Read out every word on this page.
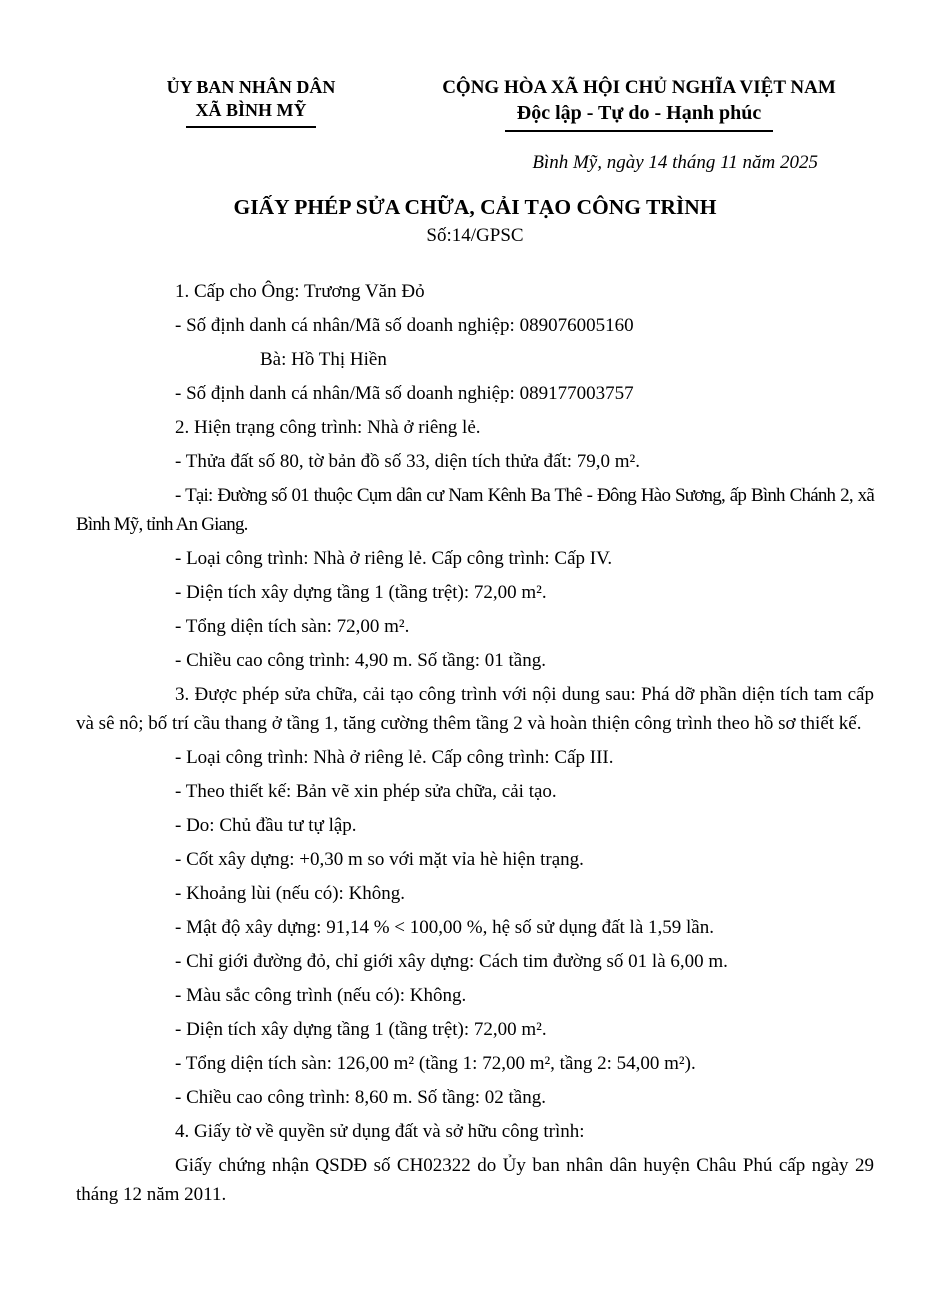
ỦY BAN NHÂN DÂN
XÃ BÌNH MỸ
CỘNG HÒA XÃ HỘI CHỦ NGHĨA VIỆT NAM
Độc lập - Tự do - Hạnh phúc
Bình Mỹ, ngày 14 tháng 11 năm 2025
GIẤY PHÉP SỬA CHỮA, CẢI TẠO CÔNG TRÌNH
Số:14/GPSC

1. Cấp cho Ông: Trương Văn Đỏ

- Số định danh cá nhân/Mã số doanh nghiệp: 089076005160

Bà: Hồ Thị Hiền

- Số định danh cá nhân/Mã số doanh nghiệp: 089177003757

2. Hiện trạng công trình: Nhà ở riêng lẻ.

- Thửa đất số 80, tờ bản đồ số 33, diện tích thửa đất: 79,0 m².

- Tại: Đường số 01 thuộc Cụm dân cư Nam Kênh Ba Thê - Đông Hào Sương, ấp Bình Chánh 2, xã Bình Mỹ, tỉnh An Giang.

- Loại công trình: Nhà ở riêng lẻ. Cấp công trình: Cấp IV.

- Diện tích xây dựng tầng 1 (tầng trệt): 72,00 m².

- Tổng diện tích sàn: 72,00 m².

- Chiều cao công trình: 4,90 m. Số tầng: 01 tầng.

3. Được phép sửa chữa, cải tạo công trình với nội dung sau: Phá dỡ phần diện tích tam cấp và sê nô; bố trí cầu thang ở tầng 1, tăng cường thêm tầng 2 và hoàn thiện công trình theo hồ sơ thiết kế.

- Loại công trình: Nhà ở riêng lẻ. Cấp công trình: Cấp III.

- Theo thiết kế: Bản vẽ xin phép sửa chữa, cải tạo.

- Do: Chủ đầu tư tự lập.

- Cốt xây dựng: +0,30 m so với mặt vỉa hè hiện trạng.

- Khoảng lùi (nếu có): Không.

- Mật độ xây dựng: 91,14 % < 100,00 %, hệ số sử dụng đất là 1,59 lần.

- Chỉ giới đường đỏ, chỉ giới xây dựng: Cách tim đường số 01 là 6,00 m.

- Màu sắc công trình (nếu có): Không.

- Diện tích xây dựng tầng 1 (tầng trệt): 72,00 m².

- Tổng diện tích sàn: 126,00 m² (tầng 1: 72,00 m², tầng 2: 54,00 m²).

- Chiều cao công trình: 8,60 m. Số tầng: 02 tầng.

4. Giấy tờ về quyền sử dụng đất và sở hữu công trình:

Giấy chứng nhận QSDĐ số CH02322 do Ủy ban nhân dân huyện Châu Phú cấp ngày 29 tháng 12 năm 2011.
